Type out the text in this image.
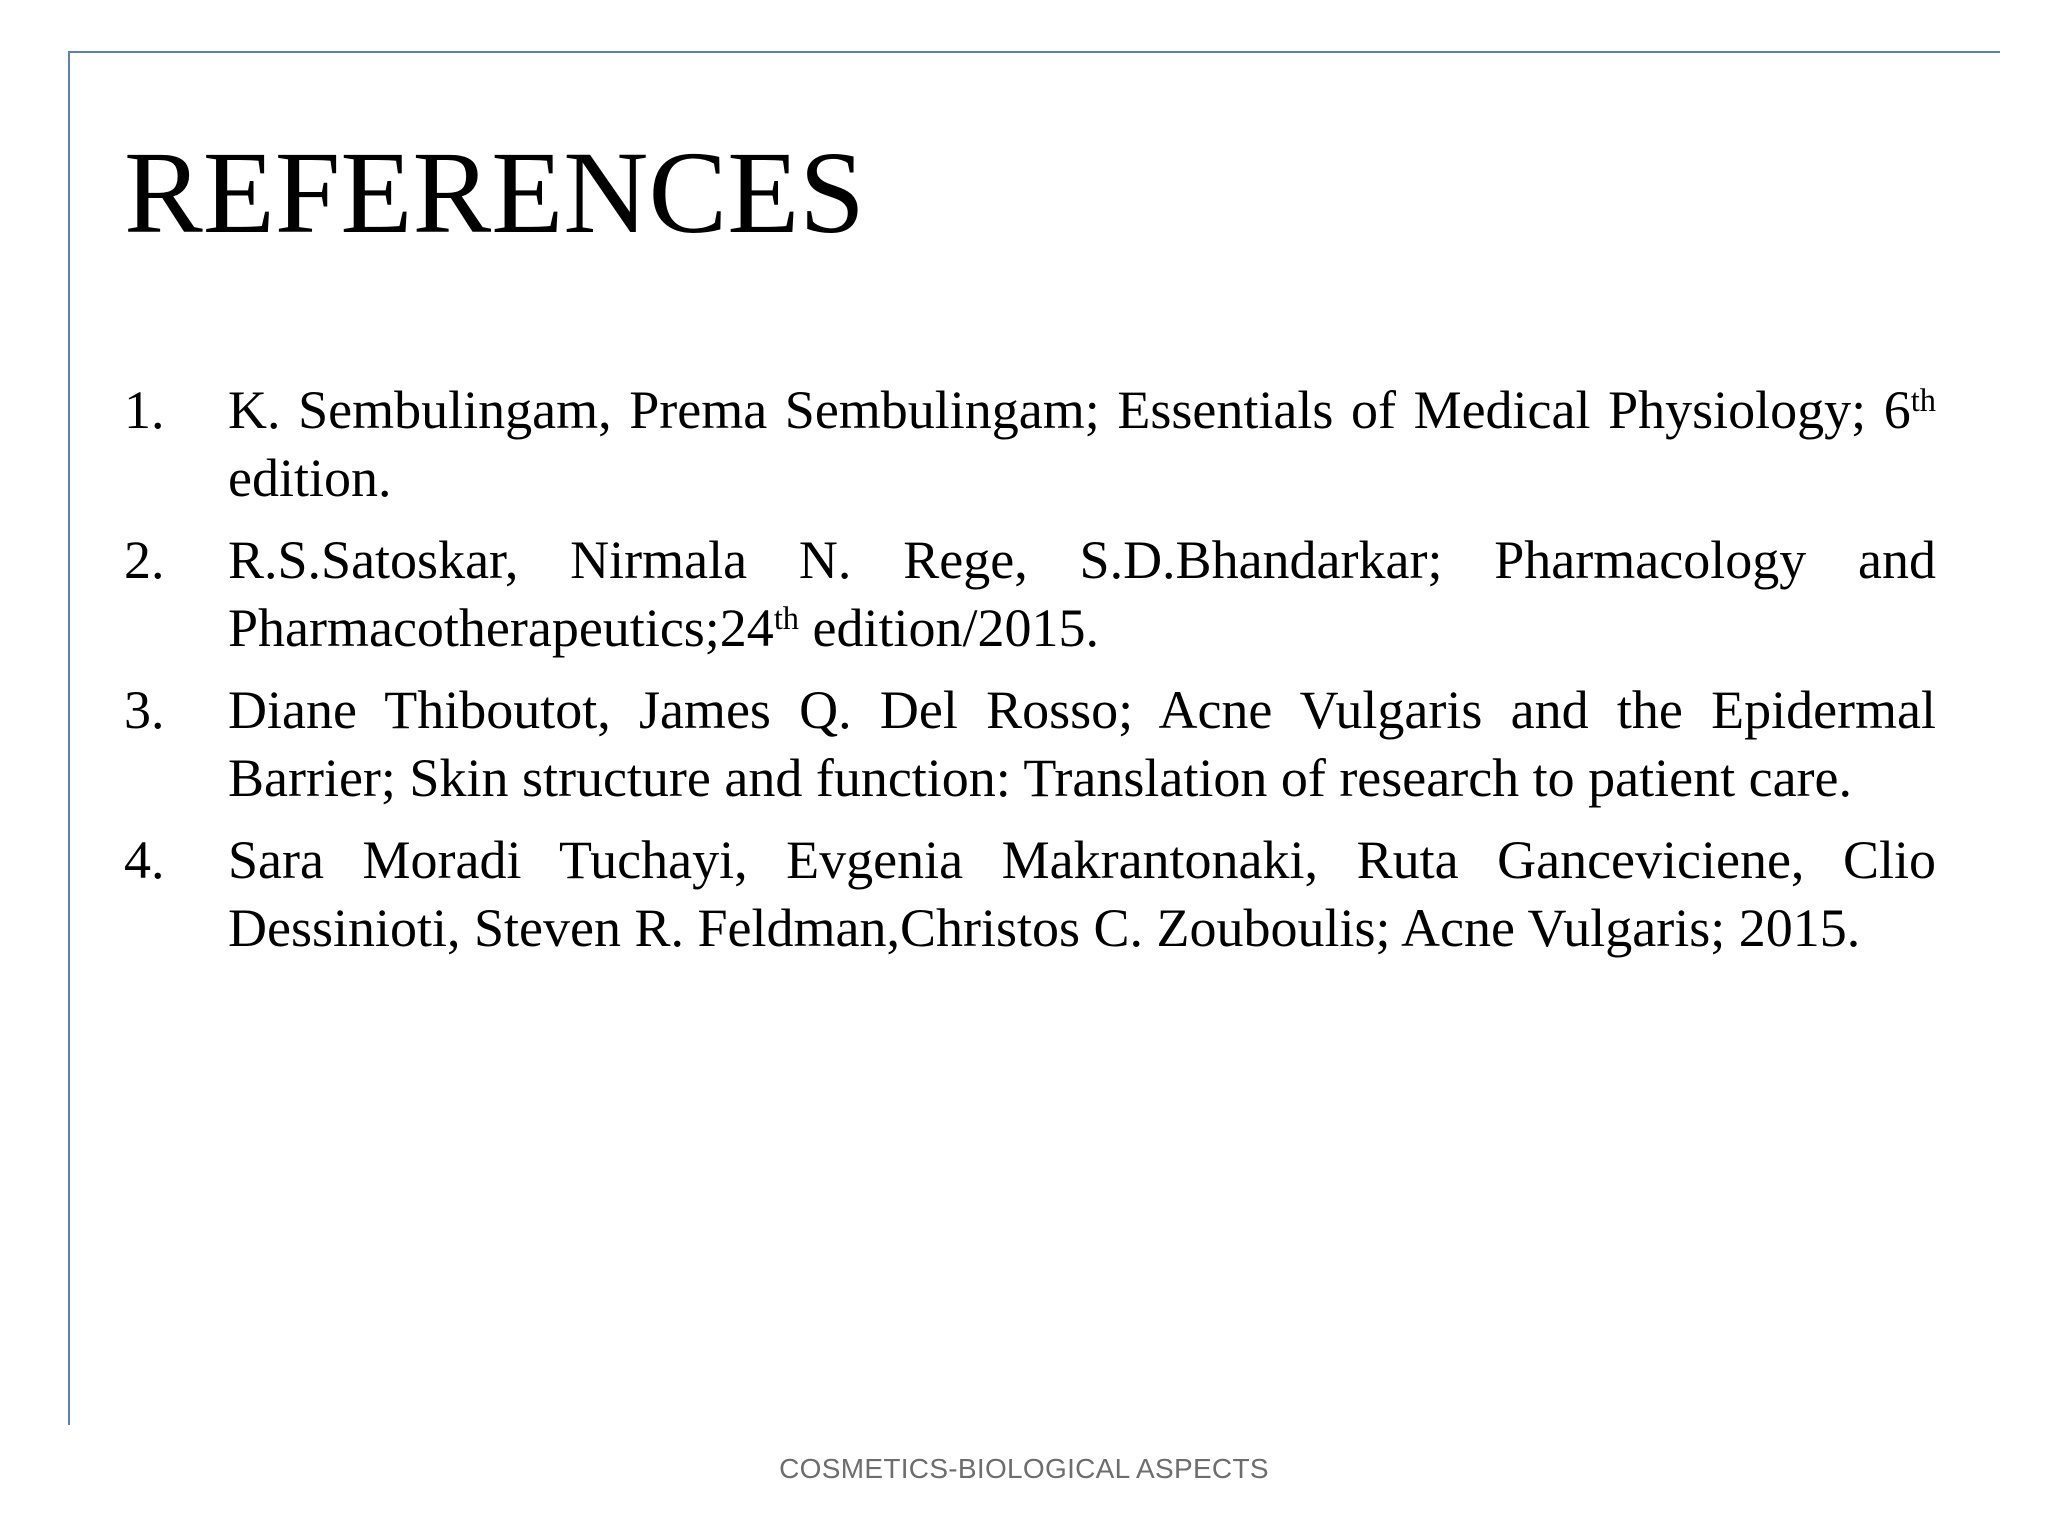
REFERENCES
1.	K. Sembulingam, Prema Sembulingam; Essentials of Medical Physiology; 6th edition.
2.	R.S.Satoskar, Nirmala N. Rege, S.D.Bhandarkar; Pharmacology and Pharmacotherapeutics;24th edition/2015.
3.	Diane Thiboutot, James Q. Del Rosso; Acne Vulgaris and the Epidermal Barrier; Skin structure and function: Translation of research to patient care.
4.	Sara Moradi Tuchayi, Evgenia Makrantonaki, Ruta Ganceviciene, Clio Dessinioti, Steven R. Feldman,Christos C. Zouboulis; Acne Vulgaris; 2015.
COSMETICS-BIOLOGICAL ASPECTS
